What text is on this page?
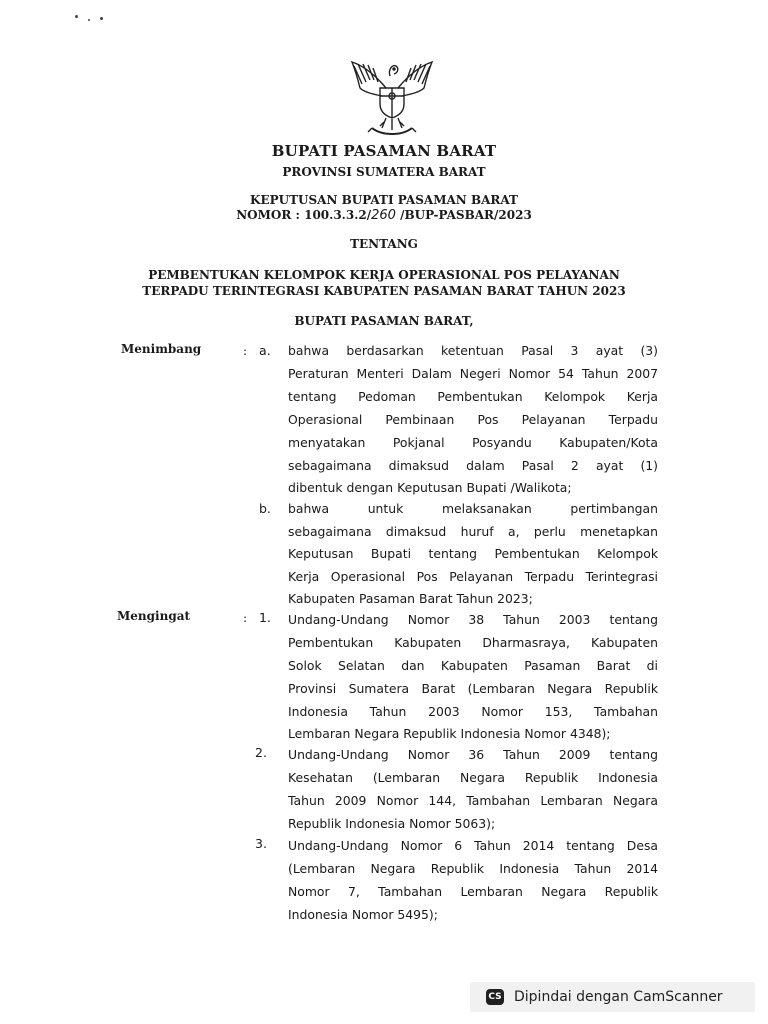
BUPATI PASAMAN BARAT
PROVINSI SUMATERA BARAT
KEPUTUSAN BUPATI PASAMAN BARAT
NOMOR : 100.3.3.2/260 /BUP-PASBAR/2023
TENTANG
PEMBENTUKAN KELOMPOK KERJA OPERASIONAL POS PELAYANAN
TERPADU TERINTEGRASI KABUPATEN PASAMAN BARAT TAHUN 2023
BUPATI PASAMAN BARAT,
Menimbang	: a. bahwa berdasarkan ketentuan Pasal 3 ayat (3)
Peraturan Menteri Dalam Negeri Nomor 54 Tahun 2007
tentang Pedoman Pembentukan Kelompok Kerja
Operasional Pembinaan Pos Pelayanan Terpadu
menyatakan Pokjanal Posyandu Kabupaten/Kota
sebagaimana dimaksud dalam Pasal 2 ayat (1)
dibentuk dengan Keputusan Bupati /Walikota;
b. bahwa untuk melaksanakan pertimbangan
sebagaimana dimaksud huruf a, perlu menetapkan
Keputusan Bupati tentang Pembentukan Kelompok
Kerja Operasional Pos Pelayanan Terpadu Terintegrasi
Kabupaten Pasaman Barat Tahun 2023;
Mengingat	: 1. Undang-Undang Nomor 38 Tahun 2003 tentang
Pembentukan Kabupaten Dharmasraya, Kabupaten
Solok Selatan dan Kabupaten Pasaman Barat di
Provinsi Sumatera Barat (Lembaran Negara Republik
Indonesia Tahun 2003 Nomor 153, Tambahan
Lembaran Negara Republik Indonesia Nomor 4348);
2. Undang-Undang Nomor 36 Tahun 2009 tentang
Kesehatan (Lembaran Negara Republik Indonesia
Tahun 2009 Nomor 144, Tambahan Lembaran Negara
Republik Indonesia Nomor 5063);
3. Undang-Undang Nomor 6 Tahun 2014 tentang Desa
(Lembaran Negara Republik Indonesia Tahun 2014
Nomor 7, Tambahan Lembaran Negara Republik
Indonesia Nomor 5495);
CS Dipindai dengan CamScanner
